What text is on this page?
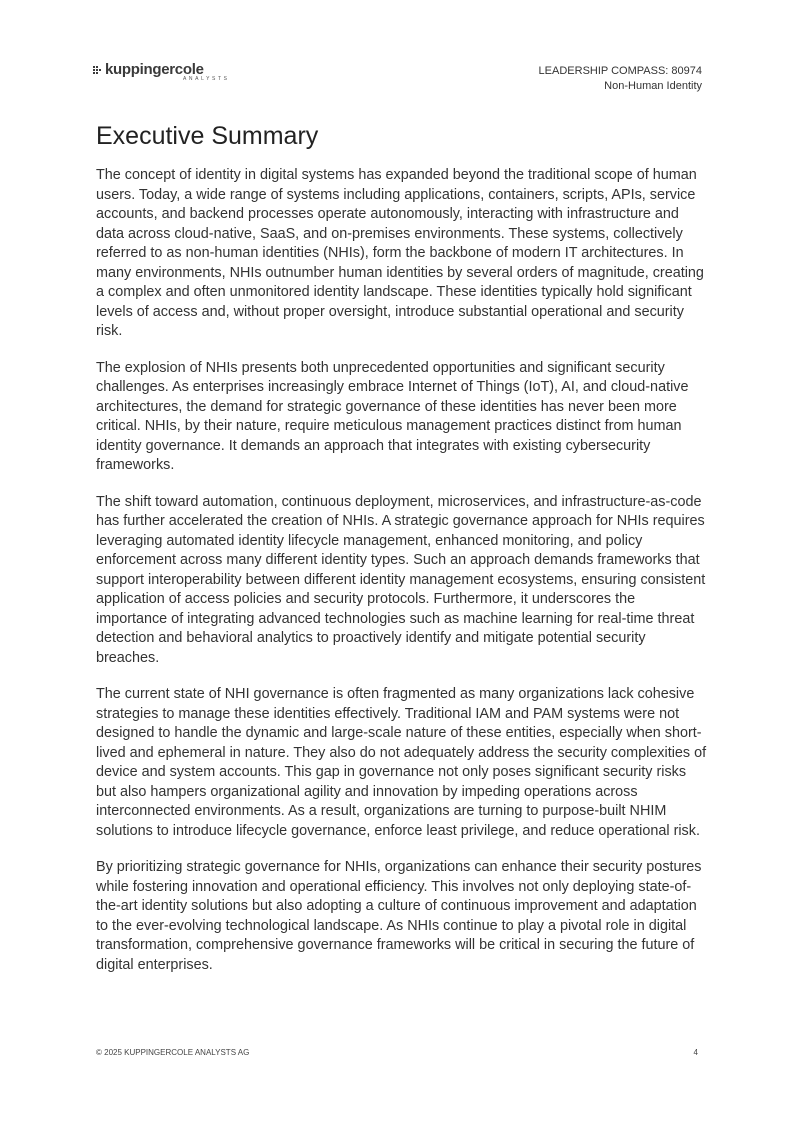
kuppingercole
ANALYSTS
LEADERSHIP COMPASS: 80974
Non-Human Identity
Executive Summary

The concept of identity in digital systems has expanded beyond the traditional scope of human users. Today, a wide range of systems including applications, containers, scripts, APIs, service accounts, and backend processes operate autonomously, interacting with infrastructure and data across cloud-native, SaaS, and on-premises environments. These systems, collectively referred to as non-human identities (NHIs), form the backbone of modern IT architectures. In many environments, NHIs outnumber human identities by several orders of magnitude, creating a complex and often unmonitored identity landscape. These identities typically hold significant levels of access and, without proper oversight, introduce substantial operational and security risk.

The explosion of NHIs presents both unprecedented opportunities and significant security challenges. As enterprises increasingly embrace Internet of Things (IoT), AI, and cloud-native architectures, the demand for strategic governance of these identities has never been more critical. NHIs, by their nature, require meticulous management practices distinct from human identity governance. It demands an approach that integrates with existing cybersecurity frameworks.

The shift toward automation, continuous deployment, microservices, and infrastructure-as-code has further accelerated the creation of NHIs. A strategic governance approach for NHIs requires leveraging automated identity lifecycle management, enhanced monitoring, and policy enforcement across many different identity types. Such an approach demands frameworks that support interoperability between different identity management ecosystems, ensuring consistent application of access policies and security protocols. Furthermore, it underscores the importance of integrating advanced technologies such as machine learning for real-time threat detection and behavioral analytics to proactively identify and mitigate potential security breaches.

The current state of NHI governance is often fragmented as many organizations lack cohesive strategies to manage these identities effectively. Traditional IAM and PAM systems were not designed to handle the dynamic and large-scale nature of these entities, especially when short-lived and ephemeral in nature. They also do not adequately address the security complexities of device and system accounts. This gap in governance not only poses significant security risks but also hampers organizational agility and innovation by impeding operations across interconnected environments. As a result, organizations are turning to purpose-built NHIM solutions to introduce lifecycle governance, enforce least privilege, and reduce operational risk.

By prioritizing strategic governance for NHIs, organizations can enhance their security postures while fostering innovation and operational efficiency. This involves not only deploying state-of-the-art identity solutions but also adopting a culture of continuous improvement and adaptation to the ever-evolving technological landscape. As NHIs continue to play a pivotal role in digital transformation, comprehensive governance frameworks will be critical in securing the future of digital enterprises.

© 2025 KUPPINGERCOLE ANALYSTS AG	4
